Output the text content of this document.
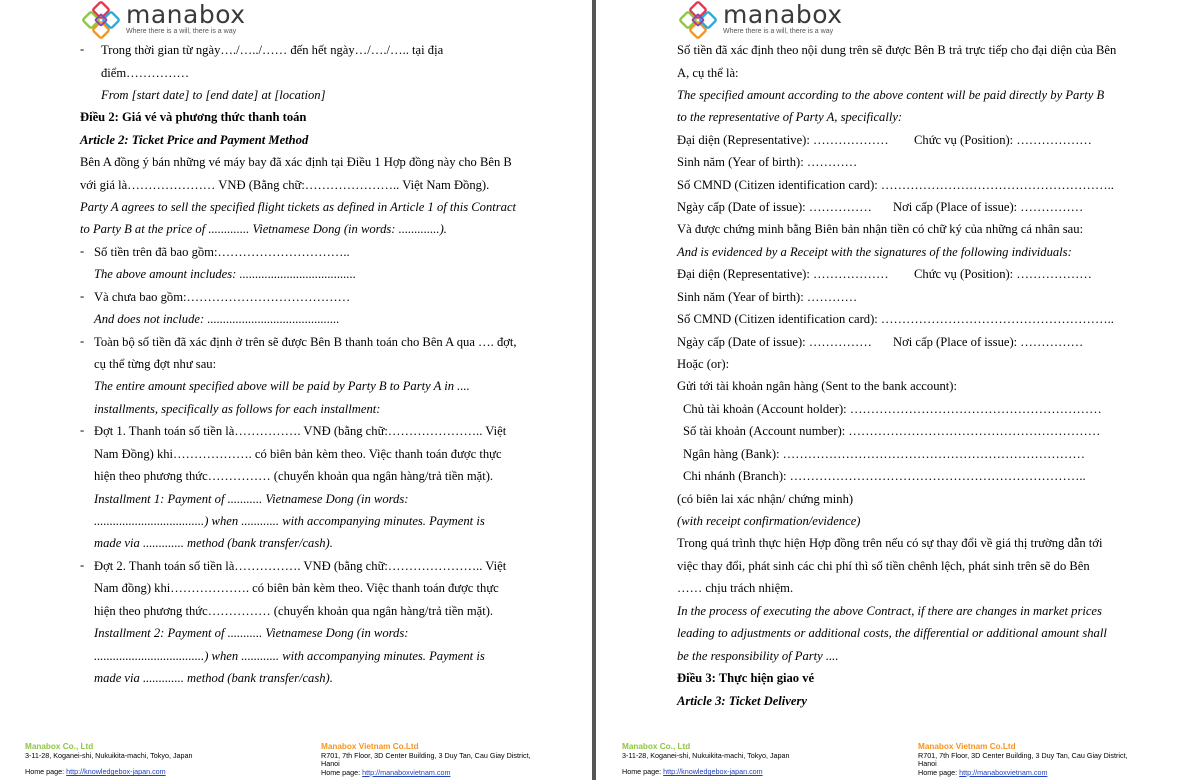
manabox
Where there is a will, there is a way
- Trong thời gian từ ngày…./…../…… đến hết ngày…/…./….. tại địa
điểm……………
From [start date] to [end date] at [location]
Điều 2: Giá vé và phương thức thanh toán
Article 2: Ticket Price and Payment Method
Bên A đồng ý bán những vé máy bay đã xác định tại Điều 1 Hợp đồng này cho Bên B
với giá là………………… VNĐ (Bằng chữ:………………….. Việt Nam Đồng).
Party A agrees to sell the specified flight tickets as defined in Article 1 of this Contract
to Party B at the price of ............. Vietnamese Dong (in words: .............).
- Số tiền trên đã bao gồm:…………………………..
The above amount includes: .....................................
- Và chưa bao gồm:…………………………………
And does not include: ..........................................
- Toàn bộ số tiền đã xác định ở trên sẽ được Bên B thanh toán cho Bên A qua …. đợt,
cụ thể từng đợt như sau:
The entire amount specified above will be paid by Party B to Party A in ....
installments, specifically as follows for each installment:
- Đợt 1. Thanh toán số tiền là……………. VNĐ (bằng chữ:………………….. Việt
Nam Đồng) khi………………. có biên bản kèm theo. Việc thanh toán được thực
hiện theo phương thức…………… (chuyển khoản qua ngân hàng/trả tiền mặt).
Installment 1: Payment of ........... Vietnamese Dong (in words:
...................................) when ............ with accompanying minutes. Payment is
made via ............. method (bank transfer/cash).
- Đợt 2. Thanh toán số tiền là……………. VNĐ (bằng chữ:………………….. Việt
Nam đồng) khi………………. có biên bản kèm theo. Việc thanh toán được thực
hiện theo phương thức…………… (chuyển khoản qua ngân hàng/trả tiền mặt).
Installment 2: Payment of ........... Vietnamese Dong (in words:
...................................) when ............ with accompanying minutes. Payment is
made via ............. method (bank transfer/cash).
Manabox Co., Ltd
3-11-28, Koganei-shi, Nukuikita-machi, Tokyo, Japan
Home page: http://knowledgebox-japan.com
Manabox Vietnam Co.Ltd
R701, 7th Floor, 3D Center Building, 3 Duy Tan, Cau Giay District,
Hanoi
Home page: http://manaboxvietnam.com
manabox
Where there is a will, there is a way
Số tiền đã xác định theo nội dung trên sẽ được Bên B trả trực tiếp cho đại diện của Bên
A, cụ thể là:
The specified amount according to the above content will be paid directly by Party B
to the representative of Party A, specifically:
Đại diện (Representative): ……………… Chức vụ (Position): ………………
Sinh năm (Year of birth): …………
Số CMND (Citizen identification card): ………………………………………………..
Ngày cấp (Date of issue): …………… Nơi cấp (Place of issue): ……………
Và được chứng minh bằng Biên bản nhận tiền có chữ ký của những cá nhân sau:
And is evidenced by a Receipt with the signatures of the following individuals:
Đại diện (Representative): ……………… Chức vụ (Position): ………………
Sinh năm (Year of birth): …………
Số CMND (Citizen identification card): ………………………………………………..
Ngày cấp (Date of issue): …………… Nơi cấp (Place of issue): ……………
Hoặc (or):
Gửi tới tài khoản ngân hàng (Sent to the bank account):
Chủ tài khoản (Account holder): ……………………………………………………
Số tài khoản (Account number): ……………………………………………………
Ngân hàng (Bank): ………………………………………………………………
Chi nhánh (Branch): ……………………………………………………………..
(có biên lai xác nhận/ chứng minh)
(with receipt confirmation/evidence)
Trong quá trình thực hiện Hợp đồng trên nếu có sự thay đổi về giá thị trường dẫn tới
việc thay đổi, phát sinh các chi phí thì số tiền chênh lệch, phát sinh trên sẽ do Bên
…… chịu trách nhiệm.
In the process of executing the above Contract, if there are changes in market prices
leading to adjustments or additional costs, the differential or additional amount shall
be the responsibility of Party ....
Điều 3: Thực hiện giao vé
Article 3: Ticket Delivery
Manabox Co., Ltd
3-11-28, Koganei-shi, Nukuikita-machi, Tokyo, Japan
Home page: http://knowledgebox-japan.com
Manabox Vietnam Co.Ltd
R701, 7th Floor, 3D Center Building, 3 Duy Tan, Cau Giay District,
Hanoi
Home page: http://manaboxvietnam.com
